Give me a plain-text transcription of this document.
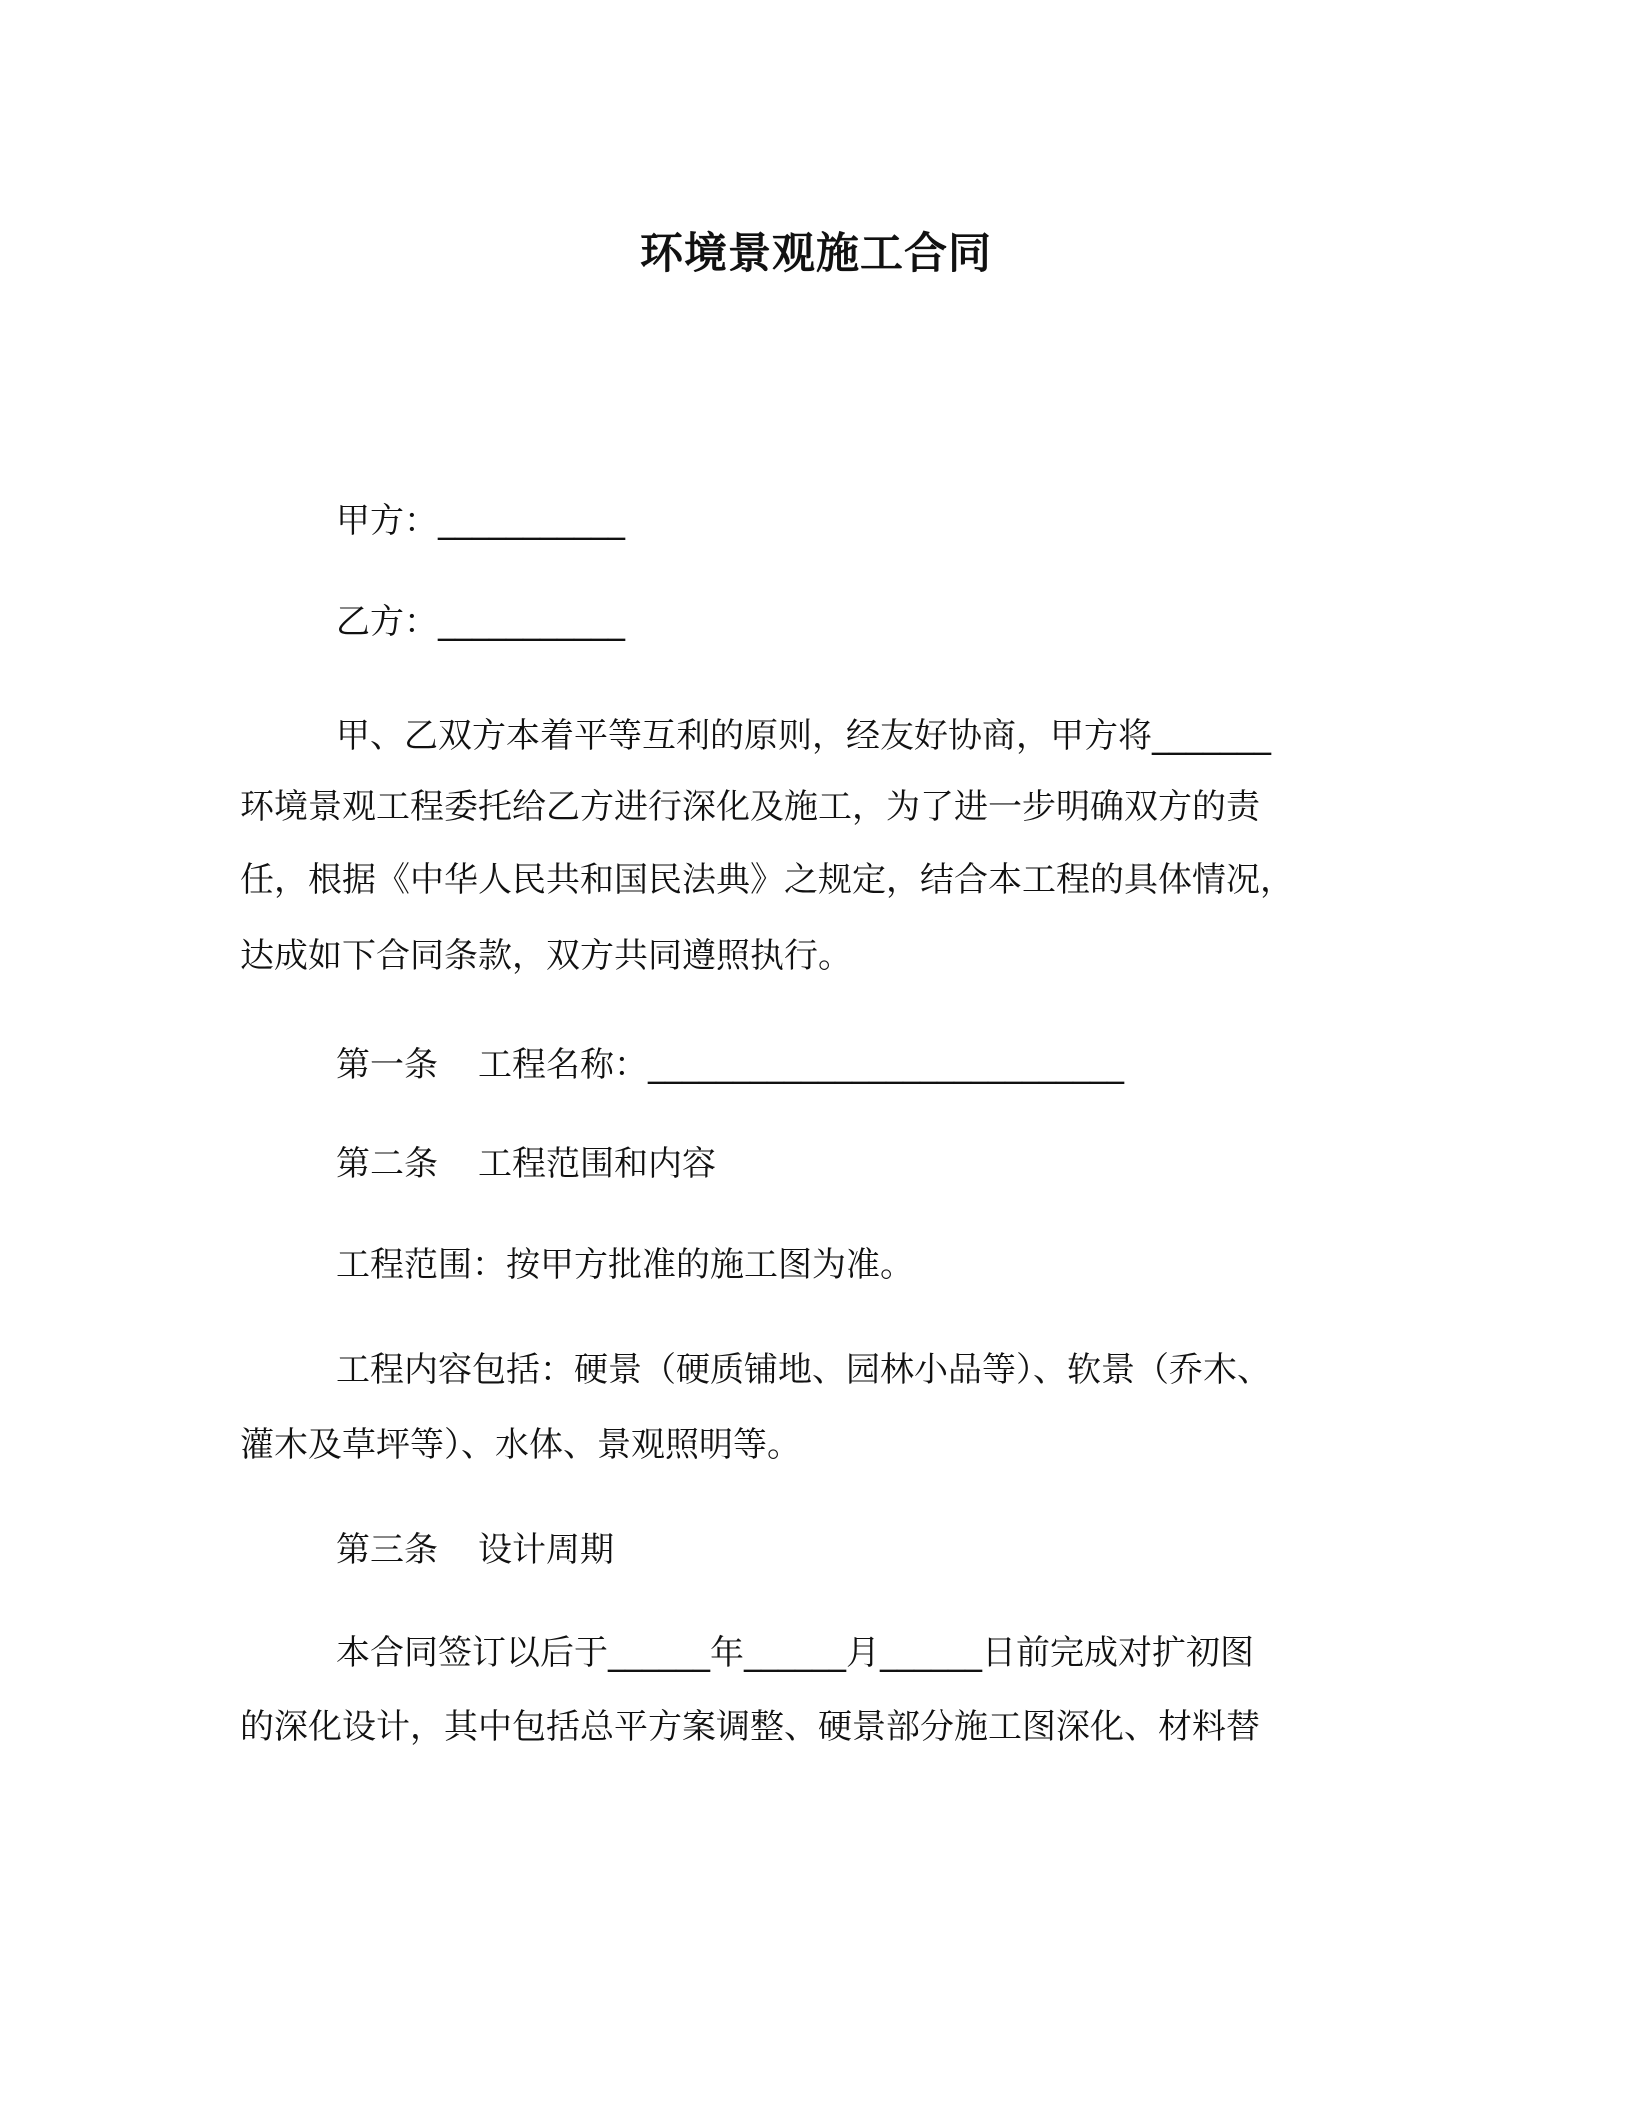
环境景观施工合同
甲方：___________
乙方：___________
甲、乙双方本着平等互利的原则，经友好协商，甲方将_______
环境景观工程委托给乙方进行深化及施工，为了进一步明确双方的责
任，根据《中华人民共和国民法典》之规定，结合本工程的具体情况，
达成如下合同条款，双方共同遵照执行。
第一条 工程名称：____________________________
第二条 工程范围和内容
工程范围：按甲方批准的施工图为准。
工程内容包括：硬景（硬质铺地、园林小品等）、软景（乔木、
灌木及草坪等）、水体、景观照明等。
第三条 设计周期
本合同签订以后于______年______月______日前完成对扩初图
的深化设计，其中包括总平方案调整、硬景部分施工图深化、材料替
